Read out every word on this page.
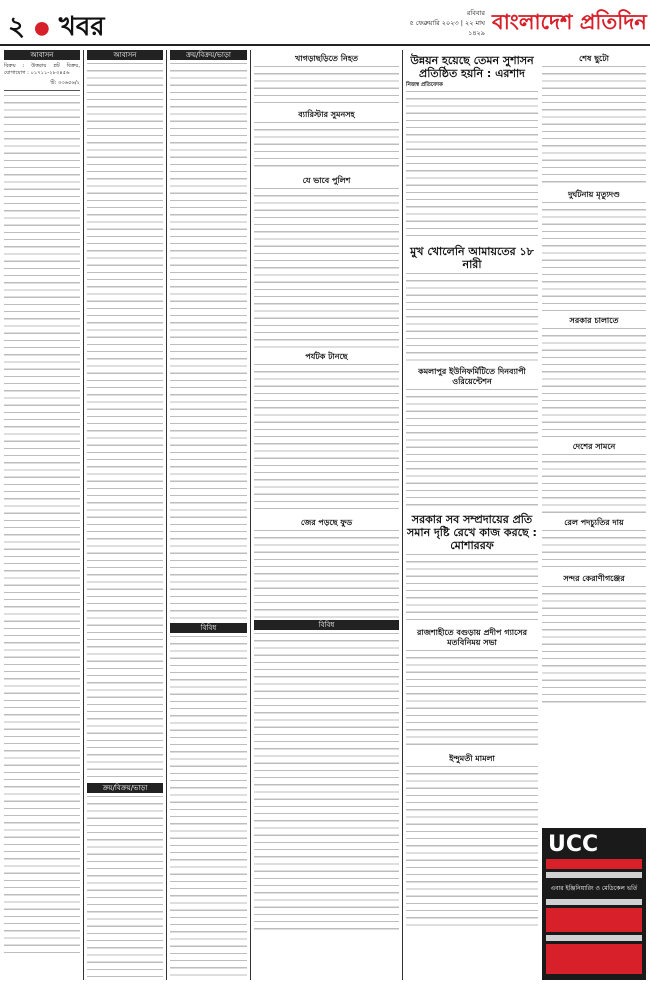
২ ● খবর	রবিবার
৫ ফেব্রুয়ারি ২০২৩ | ২২ মাঘ ১৪২৯ বাংলাদেশ প্রতিদিন
আবাসন

বিক্রয় : উত্তরায় প্লট বিক্রয়, যোগাযোগ : ০১৭১১-২৮৩৪৫৬

টি: ৩৩৬৫৬/২
আবাসন
ক্রয়/বিক্রয়/ভাড়া
ক্রয়/বিক্রয়/ভাড়া
বিবিধ
খাগড়াছড়িতে নিহত
ব্যারিস্টার সুমনসহ
যে ভাবে পুলিশ
পর্যটক টানছে
জের পড়ছে ফুড
বিবিধ
উন্নয়ন হয়েছে তেমন সুশাসন প্রতিষ্ঠিত হয়নি : এরশাদ
নিজস্ব প্রতিবেদক
মুখ খোলেনি আমায়তের ১৮ নারী
কমলাপুর ইউনিফর্মিটিতে দিনব্যাপী ওরিয়েন্টেশন
সরকার সব সম্প্রদায়ের প্রতি সমান দৃষ্টি রেখে কাজ করছে : মোশাররফ
রাজশাহীতে বগুড়ায় প্রদীপ গ্যাসের মতবিনিময় সভা
ইন্দুমতী মামলা
শেষ ছুটো
দুর্ঘটনায় মৃত্যুদণ্ড
সরকার চালাতে
দেশের সামনে
রেল পদচ্যুতির দায়
সন্দর কেরাণীগঞ্জের
UCC
এবার ইঞ্জিনিয়ারিং ও মেডিকেল ভর্তি
